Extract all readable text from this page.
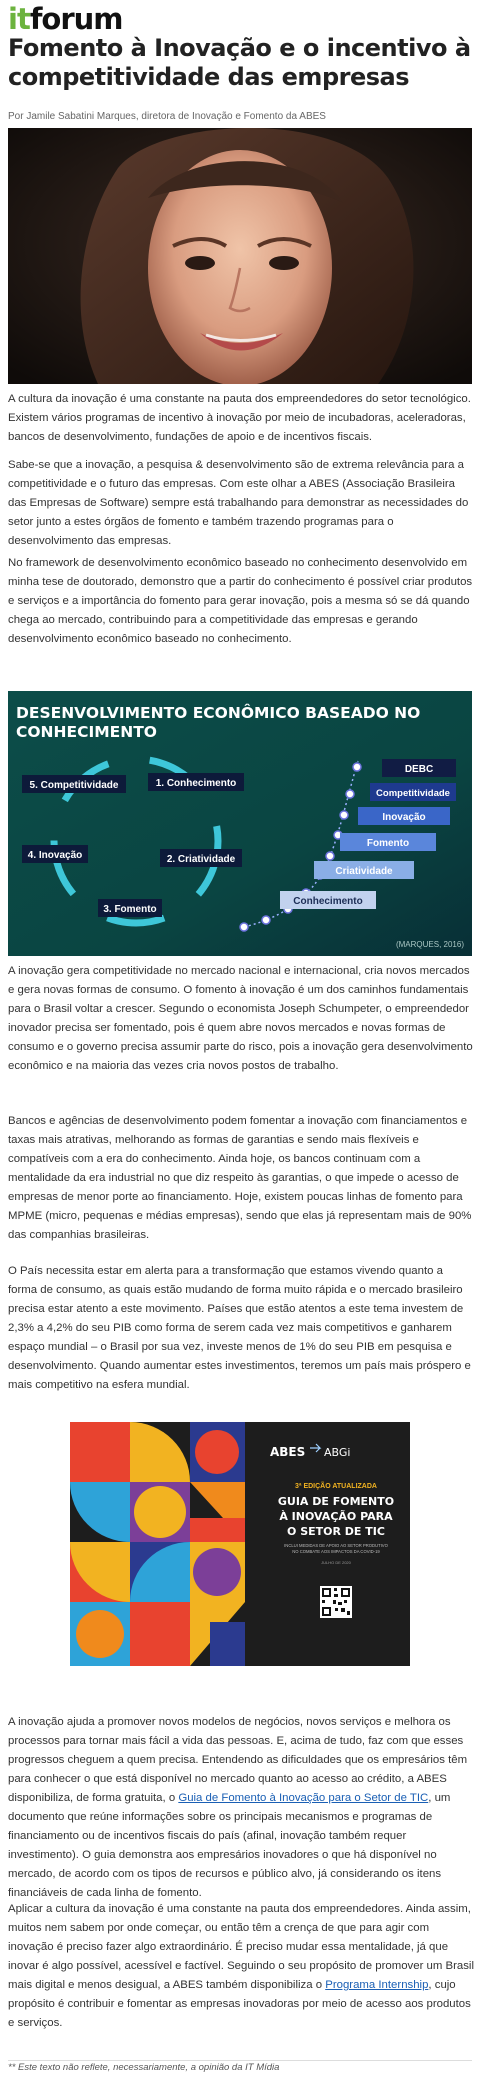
itforum
Fomento à Inovação e o incentivo à competitividade das empresas
Por Jamile Sabatini Marques, diretora de Inovação e Fomento da ABES
A cultura da inovação é uma constante na pauta dos empreendedores do setor tecnológico. Existem vários programas de incentivo à inovação por meio de incubadoras, aceleradoras, bancos de desenvolvimento, fundações de apoio e de incentivos fiscais.
Sabe-se que a inovação, a pesquisa & desenvolvimento são de extrema relevância para a competitividade e o futuro das empresas. Com este olhar a ABES (Associação Brasileira das Empresas de Software) sempre está trabalhando para demonstrar as necessidades do setor junto a estes órgãos de fomento e também trazendo programas para o desenvolvimento das empresas.
No framework de desenvolvimento econômico baseado no conhecimento desenvolvido em minha tese de doutorado, demonstro que a partir do conhecimento é possível criar produtos e serviços e a importância do fomento para gerar inovação, pois a mesma só se dá quando chega ao mercado, contribuindo para a competitividade das empresas e gerando desenvolvimento econômico baseado no conhecimento.
DESENVOLVIMENTO ECONÔMICO BASEADO NO
CONHECIMENTO
1. Conhecimento
2. Criatividade
3. Fomento
4. Inovação
5. Competitividade
DEBC
Competitividade
Inovação
Fomento
Criatividade
Conhecimento
(MARQUES, 2016)
A inovação gera competitividade no mercado nacional e internacional, cria novos mercados e gera novas formas de consumo. O fomento à inovação é um dos caminhos fundamentais para o Brasil voltar a crescer. Segundo o economista Joseph Schumpeter, o empreendedor inovador precisa ser fomentado, pois é quem abre novos mercados e novas formas de consumo e o governo precisa assumir parte do risco, pois a inovação gera desenvolvimento econômico e na maioria das vezes cria novos postos de trabalho.
Bancos e agências de desenvolvimento podem fomentar a inovação com financiamentos e taxas mais atrativas, melhorando as formas de garantias e sendo mais flexíveis e compatíveis com a era do conhecimento. Ainda hoje, os bancos continuam com a mentalidade da era industrial no que diz respeito às garantias, o que impede o acesso de empresas de menor porte ao financiamento. Hoje, existem poucas linhas de fomento para MPME (micro, pequenas e médias empresas), sendo que elas já representam mais de 90% das companhias brasileiras.
O País necessita estar em alerta para a transformação que estamos vivendo quanto a forma de consumo, as quais estão mudando de forma muito rápida e o mercado brasileiro precisa estar atento a este movimento. Países que estão atentos a este tema investem de 2,3% a 4,2% do seu PIB como forma de serem cada vez mais competitivos e ganharem espaço mundial – o Brasil por sua vez, investe menos de 1% do seu PIB em pesquisa e desenvolvimento. Quando aumentar estes investimentos, teremos um país mais próspero e mais competitivo na esfera mundial.
ABES ABGi
3ª EDIÇÃO ATUALIZADA
GUIA DE FOMENTO
À INOVAÇÃO PARA
O SETOR DE TIC
INCLUI MEDIDAS DE APOIO AO SETOR PRODUTIVO
NO COMBATE AOS IMPACTOS DA COVID-19
JULHO DE 2020
A inovação ajuda a promover novos modelos de negócios, novos serviços e melhora os processos para tornar mais fácil a vida das pessoas. E, acima de tudo, faz com que esses progressos cheguem a quem precisa. Entendendo as dificuldades que os empresários têm para conhecer o que está disponível no mercado quanto ao acesso ao crédito, a ABES disponibiliza, de forma gratuita, o Guia de Fomento à Inovação para o Setor de TIC, um documento que reúne informações sobre os principais mecanismos e programas de financiamento ou de incentivos fiscais do país (afinal, inovação também requer investimento). O guia demonstra aos empresários inovadores o que há disponível no mercado, de acordo com os tipos de recursos e público alvo, já considerando os itens financiáveis de cada linha de fomento.
Aplicar a cultura da inovação é uma constante na pauta dos empreendedores. Ainda assim, muitos nem sabem por onde começar, ou então têm a crença de que para agir com inovação é preciso fazer algo extraordinário. É preciso mudar essa mentalidade, já que inovar é algo possível, acessível e factível. Seguindo o seu propósito de promover um Brasil mais digital e menos desigual, a ABES também disponibiliza o Programa Internship, cujo propósito é contribuir e fomentar as empresas inovadoras por meio de acesso aos produtos e serviços.
** Este texto não reflete, necessariamente, a opinião da IT Mídia
